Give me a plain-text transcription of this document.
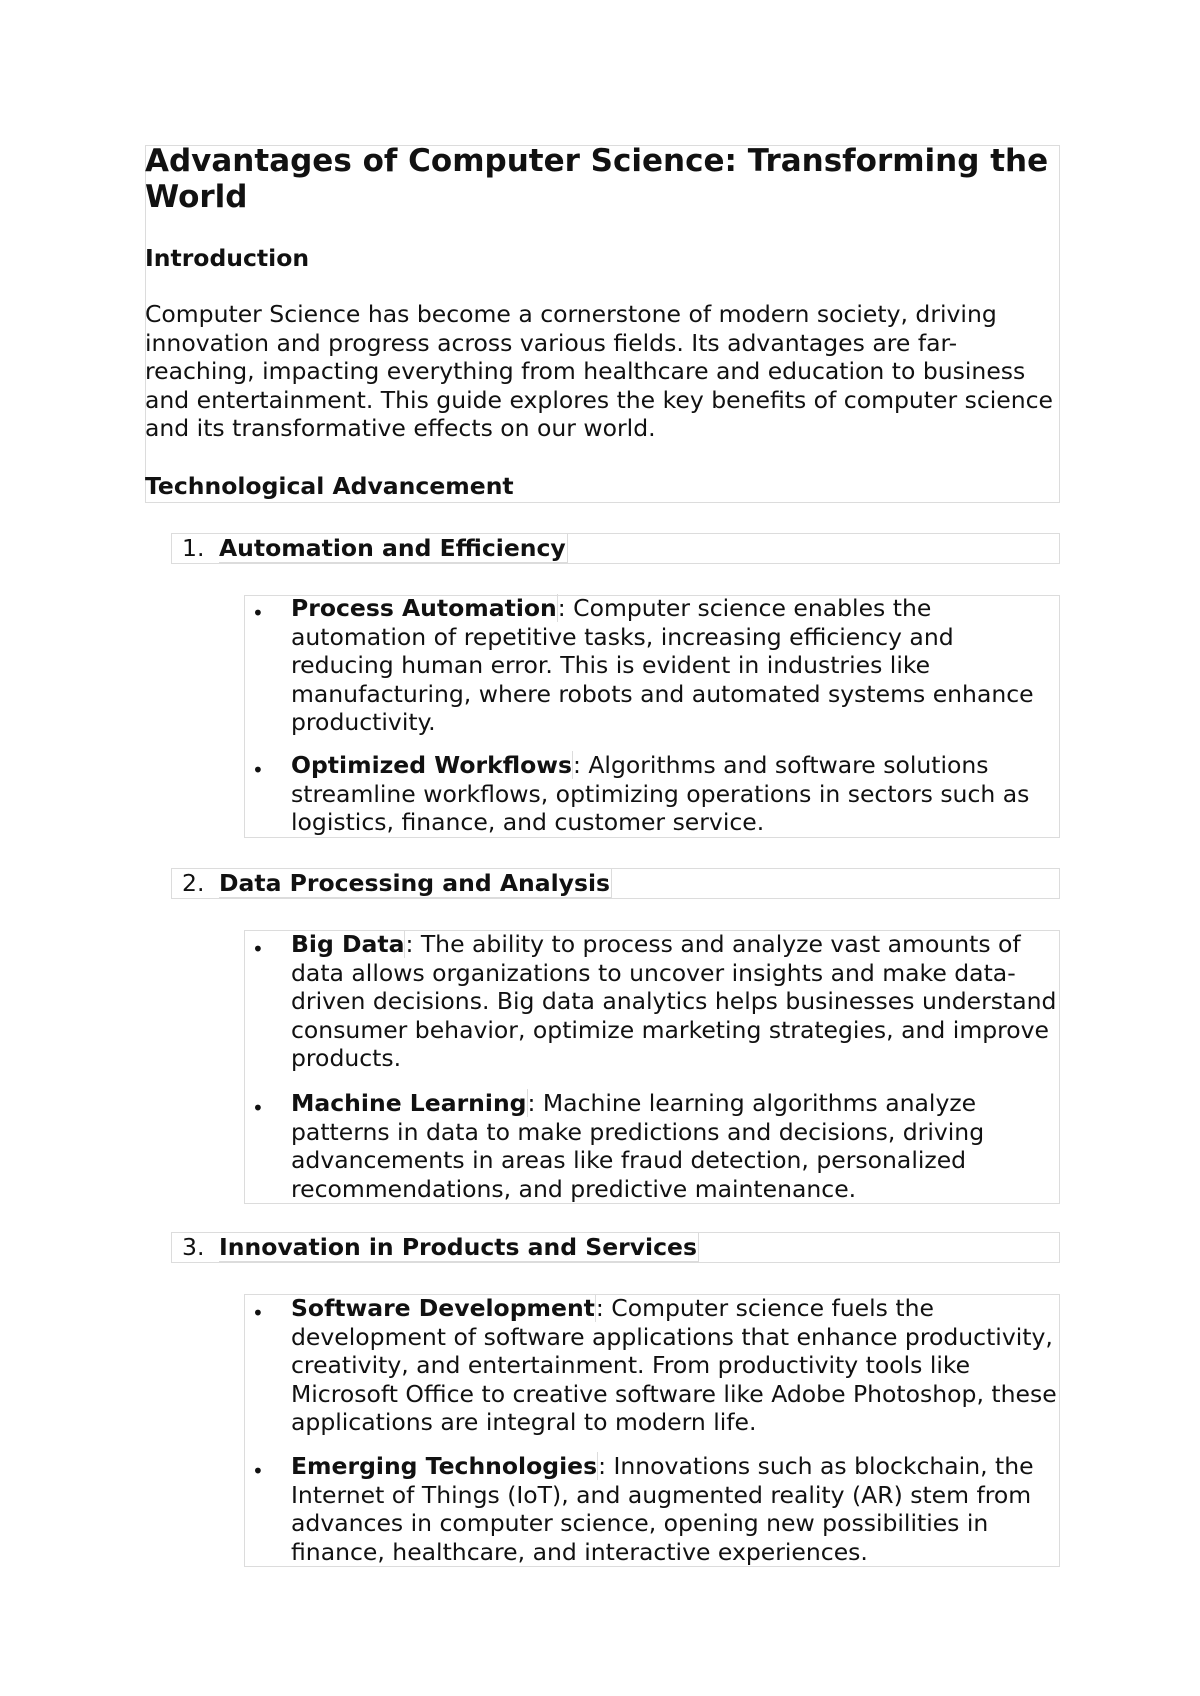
Advantages of Computer Science: Transforming the World
Introduction

Computer Science has become a cornerstone of modern society, driving innovation and progress across various fields. Its advantages are far-reaching, impacting everything from healthcare and education to business and entertainment. This guide explores the key benefits of computer science and its transformative effects on our world.

Technological Advancement
1. Automation and Efficiency
• Process Automation: Computer science enables the automation of repetitive tasks, increasing efficiency and reducing human error. This is evident in industries like manufacturing, where robots and automated systems enhance productivity.

• Optimized Workflows: Algorithms and software solutions streamline workflows, optimizing operations in sectors such as logistics, finance, and customer service.

2. Data Processing and Analysis
• Big Data: The ability to process and analyze vast amounts of data allows organizations to uncover insights and make data-driven decisions. Big data analytics helps businesses understand consumer behavior, optimize marketing strategies, and improve products.

• Machine Learning: Machine learning algorithms analyze patterns in data to make predictions and decisions, driving advancements in areas like fraud detection, personalized recommendations, and predictive maintenance.

3. Innovation in Products and Services
• Software Development: Computer science fuels the development of software applications that enhance productivity, creativity, and entertainment. From productivity tools like Microsoft Office to creative software like Adobe Photoshop, these applications are integral to modern life.

• Emerging Technologies: Innovations such as blockchain, the Internet of Things (IoT), and augmented reality (AR) stem from advances in computer science, opening new possibilities in finance, healthcare, and interactive experiences.
